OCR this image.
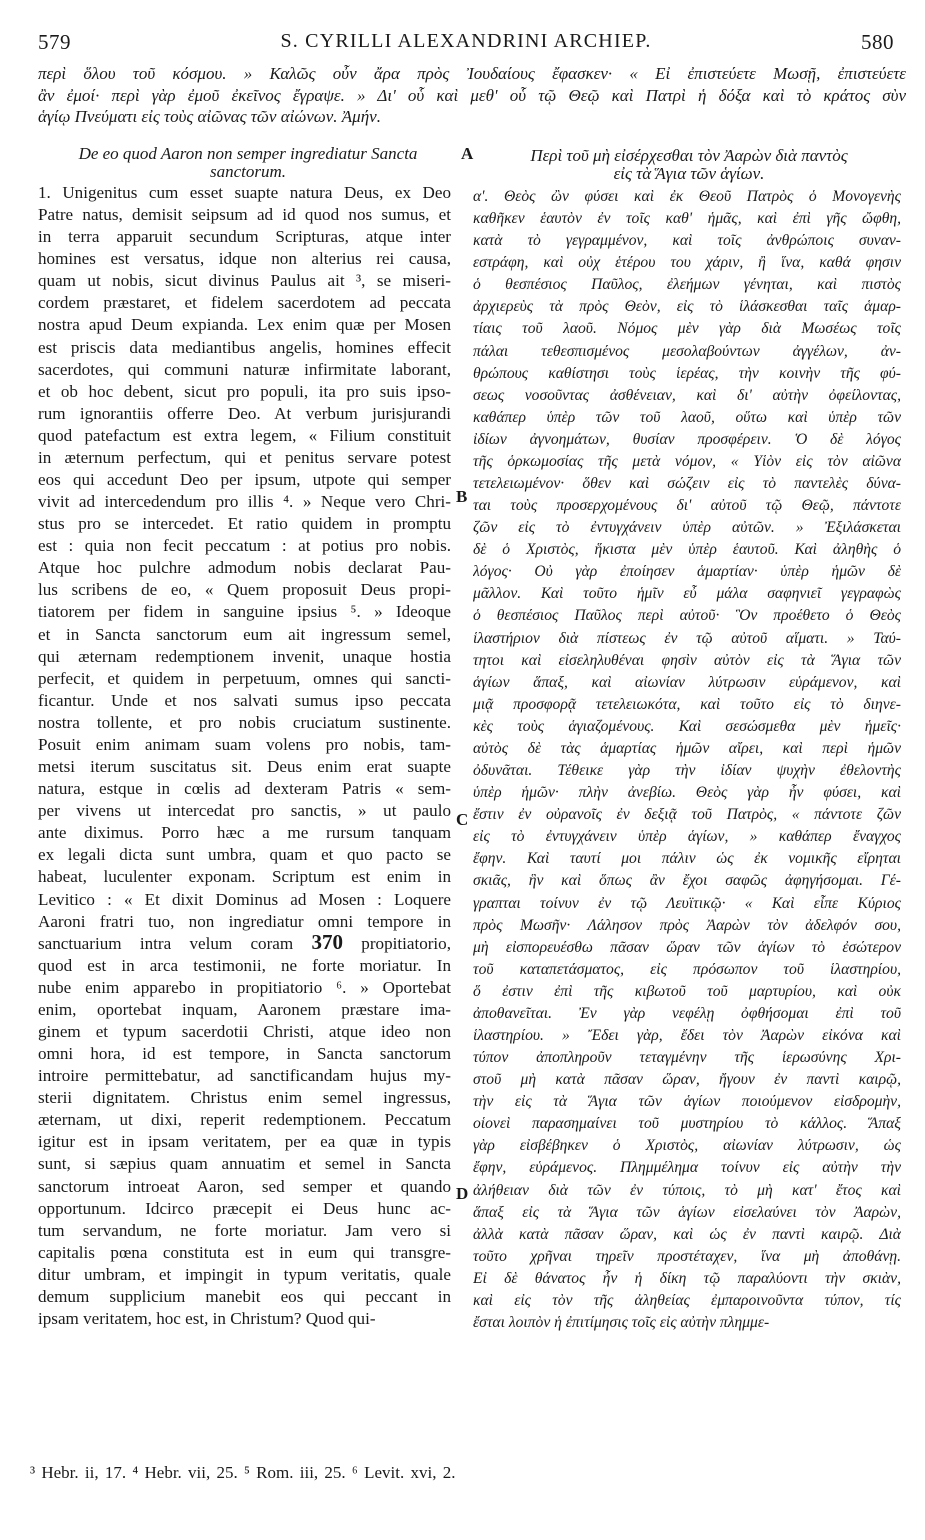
579	S. CYRILLI ALEXANDRINI ARCHIEP.	580
περὶ ὅλου τοῦ κόσμου. » Καλῶς οὖν ἄρα πρὸς Ἰουδαίους ἔφασκεν· « Εἰ ἐπιστεύετε Μωσῇ, ἐπιστεύετε
ἂν ἐμοί· περὶ γὰρ ἐμοῦ ἐκεῖνος ἔγραψε. » Δι' οὗ καὶ μεθ' οὗ τῷ Θεῷ καὶ Πατρὶ ἡ δόξα καὶ τὸ κράτος σὺν
ἁγίῳ Πνεύματι εἰς τοὺς αἰῶνας τῶν αἰώνων. Ἀμήν.
De eo quod Aaron non semper ingrediatur Sancta
sanctorum.
Περὶ τοῦ μὴ εἰσέρχεσθαι τὸν Ἀαρὼν διὰ παντὸς
εἰς τὰ Ἅγια τῶν ἁγίων.
A
B
C
D
1. Unigenitus cum esset suapte natura Deus, ex Deo
Patre natus, demisit seipsum ad id quod nos sumus, et
in terra apparuit secundum Scripturas, atque inter
homines est versatus, idque non alterius rei causa,
quam ut nobis, sicut divinus Paulus ait ³, se miseri-
cordem præstaret, et fidelem sacerdotem ad peccata
nostra apud Deum expianda. Lex enim quæ per Mosen
est priscis data mediantibus angelis, homines effecit
sacerdotes, qui communi naturæ infirmitate laborant,
et ob hoc debent, sicut pro populi, ita pro suis ipso-
rum ignorantiis offerre Deo. At verbum jurisjurandi
quod patefactum est extra legem, « Filium constituit
in æternum perfectum, qui et penitus servare potest
eos qui accedunt Deo per ipsum, utpote qui semper
vivit ad intercedendum pro illis ⁴. » Neque vero Chri-
stus pro se intercedet. Et ratio quidem in promptu
est : quia non fecit peccatum : at potius pro nobis.
Atque hoc pulchre admodum nobis declarat Pau-
lus scribens de eo, « Quem proposuit Deus propi-
tiatorem per fidem in sanguine ipsius ⁵. » Ideoque
et in Sancta sanctorum eum ait ingressum semel,
qui æternam redemptionem invenit, unaque hostia
perfecit, et quidem in perpetuum, omnes qui sancti-
ficantur. Unde et nos salvati sumus ipso peccata
nostra tollente, et pro nobis cruciatum sustinente.
Posuit enim animam suam volens pro nobis, tam-
metsi iterum suscitatus sit. Deus enim erat suapte
natura, estque in cœlis ad dexteram Patris « sem-
per vivens ut intercedat pro sanctis, » ut paulo
ante diximus. Porro hæc a me rursum tanquam
ex legali dicta sunt umbra, quam et quo pacto se
habeat, luculenter exponam. Scriptum est enim in
Levitico : « Et dixit Dominus ad Mosen : Loquere
Aaroni fratri tuo, non ingrediatur omni tempore in
sanctuarium intra velum coram 370 propitiatorio,
quod est in arca testimonii, ne forte moriatur. In
nube enim apparebo in propitiatorio ⁶. » Oportebat
enim, oportebat inquam, Aaronem præstare ima-
ginem et typum sacerdotii Christi, atque ideo non
omni hora, id est tempore, in Sancta sanctorum
introire permittebatur, ad sanctificandam hujus my-
sterii dignitatem. Christus enim semel ingressus,
æternam, ut dixi, reperit redemptionem. Peccatum
igitur est in ipsam veritatem, per ea quæ in typis
sunt, si sæpius quam annuatim et semel in Sancta
sanctorum introeat Aaron, sed semper et quando
opportunum. Idcirco præcepit ei Deus hunc ac-
tum servandum, ne forte moriatur. Jam vero si
capitalis pœna constituta est in eum qui transgre-
ditur umbram, et impingit in typum veritatis, quale
demum supplicium manebit eos qui peccant in
ipsam veritatem, hoc est, in Christum? Quod qui-
α'. Θεὸς ὢν φύσει καὶ ἐκ Θεοῦ Πατρὸς ὁ Μονογενὴς
καθῆκεν ἑαυτὸν ἐν τοῖς καθ' ἡμᾶς, καὶ ἐπὶ γῆς ὤφθη,
κατὰ τὸ γεγραμμένον, καὶ τοῖς ἀνθρώποις συναν-
εστράφη, καὶ οὐχ ἑτέρου του χάριν, ἢ ἵνα, καθά φησιν
ὁ θεσπέσιος Παῦλος, ἐλεήμων γένηται, καὶ πιστὸς
ἀρχιερεὺς τὰ πρὸς Θεὸν, εἰς τὸ ἱλάσκεσθαι ταῖς ἁμαρ-
τίαις τοῦ λαοῦ. Νόμος μὲν γὰρ διὰ Μωσέως τοῖς
πάλαι τεθεσπισμένος μεσολαβούντων ἀγγέλων, ἀν-
θρώπους καθίστησι τοὺς ἱερέας, τὴν κοινὴν τῆς φύ-
σεως νοσοῦντας ἀσθένειαν, καὶ δι' αὐτὴν ὀφείλοντας,
καθάπερ ὑπὲρ τῶν τοῦ λαοῦ, οὕτω καὶ ὑπὲρ τῶν
ἰδίων ἀγνοημάτων, θυσίαν προσφέρειν. Ὁ δὲ λόγος
τῆς ὁρκωμοσίας τῆς μετὰ νόμον, « Υἱὸν εἰς τὸν αἰῶνα
τετελειωμένον· ὅθεν καὶ σώζειν εἰς τὸ παντελὲς δύνα-
ται τοὺς προσερχομένους δι' αὐτοῦ τῷ Θεῷ, πάντοτε
ζῶν εἰς τὸ ἐντυγχάνειν ὑπὲρ αὐτῶν. » Ἐξιλάσκεται
δὲ ὁ Χριστὸς, ἥκιστα μὲν ὑπὲρ ἑαυτοῦ. Καὶ ἀληθὴς ὁ
λόγος· Οὐ γὰρ ἐποίησεν ἁμαρτίαν· ὑπὲρ ἡμῶν δὲ
μᾶλλον. Καὶ τοῦτο ἡμῖν εὖ μάλα σαφηνιεῖ γεγραφὼς
ὁ θεσπέσιος Παῦλος περὶ αὐτοῦ· Ὃν προέθετο ὁ Θεὸς
ἱλαστήριον διὰ πίστεως ἐν τῷ αὐτοῦ αἵματι. » Ταύ-
τητοι καὶ εἰσεληλυθέναι φησὶν αὐτὸν εἰς τὰ Ἅγια τῶν
ἁγίων ἅπαξ, καὶ αἰωνίαν λύτρωσιν εὑράμενον, καὶ
μιᾷ προσφορᾷ τετελειωκότα, καὶ τοῦτο εἰς τὸ διηνε-
κὲς τοὺς ἁγιαζομένους. Καὶ σεσώσμεθα μὲν ἡμεῖς·
αὐτὸς δὲ τὰς ἁμαρτίας ἡμῶν αἴρει, καὶ περὶ ἡμῶν
ὀδυνᾶται. Τέθεικε γὰρ τὴν ἰδίαν ψυχὴν ἐθελοντὴς
ὑπὲρ ἡμῶν· πλὴν ἀνεβίω. Θεὸς γὰρ ἦν φύσει, καὶ
ἔστιν ἐν οὐρανοῖς ἐν δεξιᾷ τοῦ Πατρὸς, « πάντοτε ζῶν
εἰς τὸ ἐντυγχάνειν ὑπὲρ ἁγίων, » καθάπερ ἔναγχος
ἔφην. Καὶ ταυτί μοι πάλιν ὡς ἐκ νομικῆς εἴρηται
σκιᾶς, ἣν καὶ ὅπως ἂν ἔχοι σαφῶς ἀφηγήσομαι. Γέ-
γραπται τοίνυν ἐν τῷ Λευϊτικῷ· « Καὶ εἶπε Κύριος
πρὸς Μωσῆν· Λάλησον πρὸς Ἀαρὼν τὸν ἀδελφόν σου,
μὴ εἰσπορευέσθω πᾶσαν ὥραν τῶν ἁγίων τὸ ἐσώτερον
τοῦ καταπετάσματος, εἰς πρόσωπον τοῦ ἱλαστηρίου,
ὅ ἐστιν ἐπὶ τῆς κιβωτοῦ τοῦ μαρτυρίου, καὶ οὐκ
ἀποθανεῖται. Ἐν γὰρ νεφέλῃ ὀφθήσομαι ἐπὶ τοῦ
ἱλαστηρίου. » Ἔδει γὰρ, ἔδει τὸν Ἀαρὼν εἰκόνα καὶ
τύπον ἀποπληροῦν τεταγμένην τῆς ἱερωσύνης Χρι-
στοῦ μὴ κατὰ πᾶσαν ὥραν, ἤγουν ἐν παντὶ καιρῷ,
τὴν εἰς τὰ Ἅγια τῶν ἁγίων ποιούμενον εἰσδρομὴν,
οἱονεὶ παρασημαίνει τοῦ μυστηρίου τὸ κάλλος. Ἅπαξ
γὰρ εἰσβέβηκεν ὁ Χριστὸς, αἰωνίαν λύτρωσιν, ὡς
ἔφην, εὑράμενος. Πλημμέλημα τοίνυν εἰς αὐτὴν τὴν
ἀλήθειαν διὰ τῶν ἐν τύποις, τὸ μὴ κατ' ἔτος καὶ
ἅπαξ εἰς τὰ Ἅγια τῶν ἁγίων εἰσελαύνει τὸν Ἀαρὼν,
ἀλλὰ κατὰ πᾶσαν ὥραν, καὶ ὡς ἐν παντὶ καιρῷ. Διὰ
τοῦτο χρῆναι τηρεῖν προστέταχεν, ἵνα μὴ ἀποθάνῃ.
Εἰ δὲ θάνατος ἦν ἡ δίκη τῷ παραλύοντι τὴν σκιὰν,
καὶ εἰς τὸν τῆς ἀληθείας ἐμπαροινοῦντα τύπον, τίς
ἔσται λοιπὸν ἡ ἐπιτίμησις τοῖς εἰς αὐτὴν πλημμε-
³ Hebr. ii, 17. ⁴ Hebr. vii, 25. ⁵ Rom. iii, 25. ⁶ Levit. xvi, 2.
